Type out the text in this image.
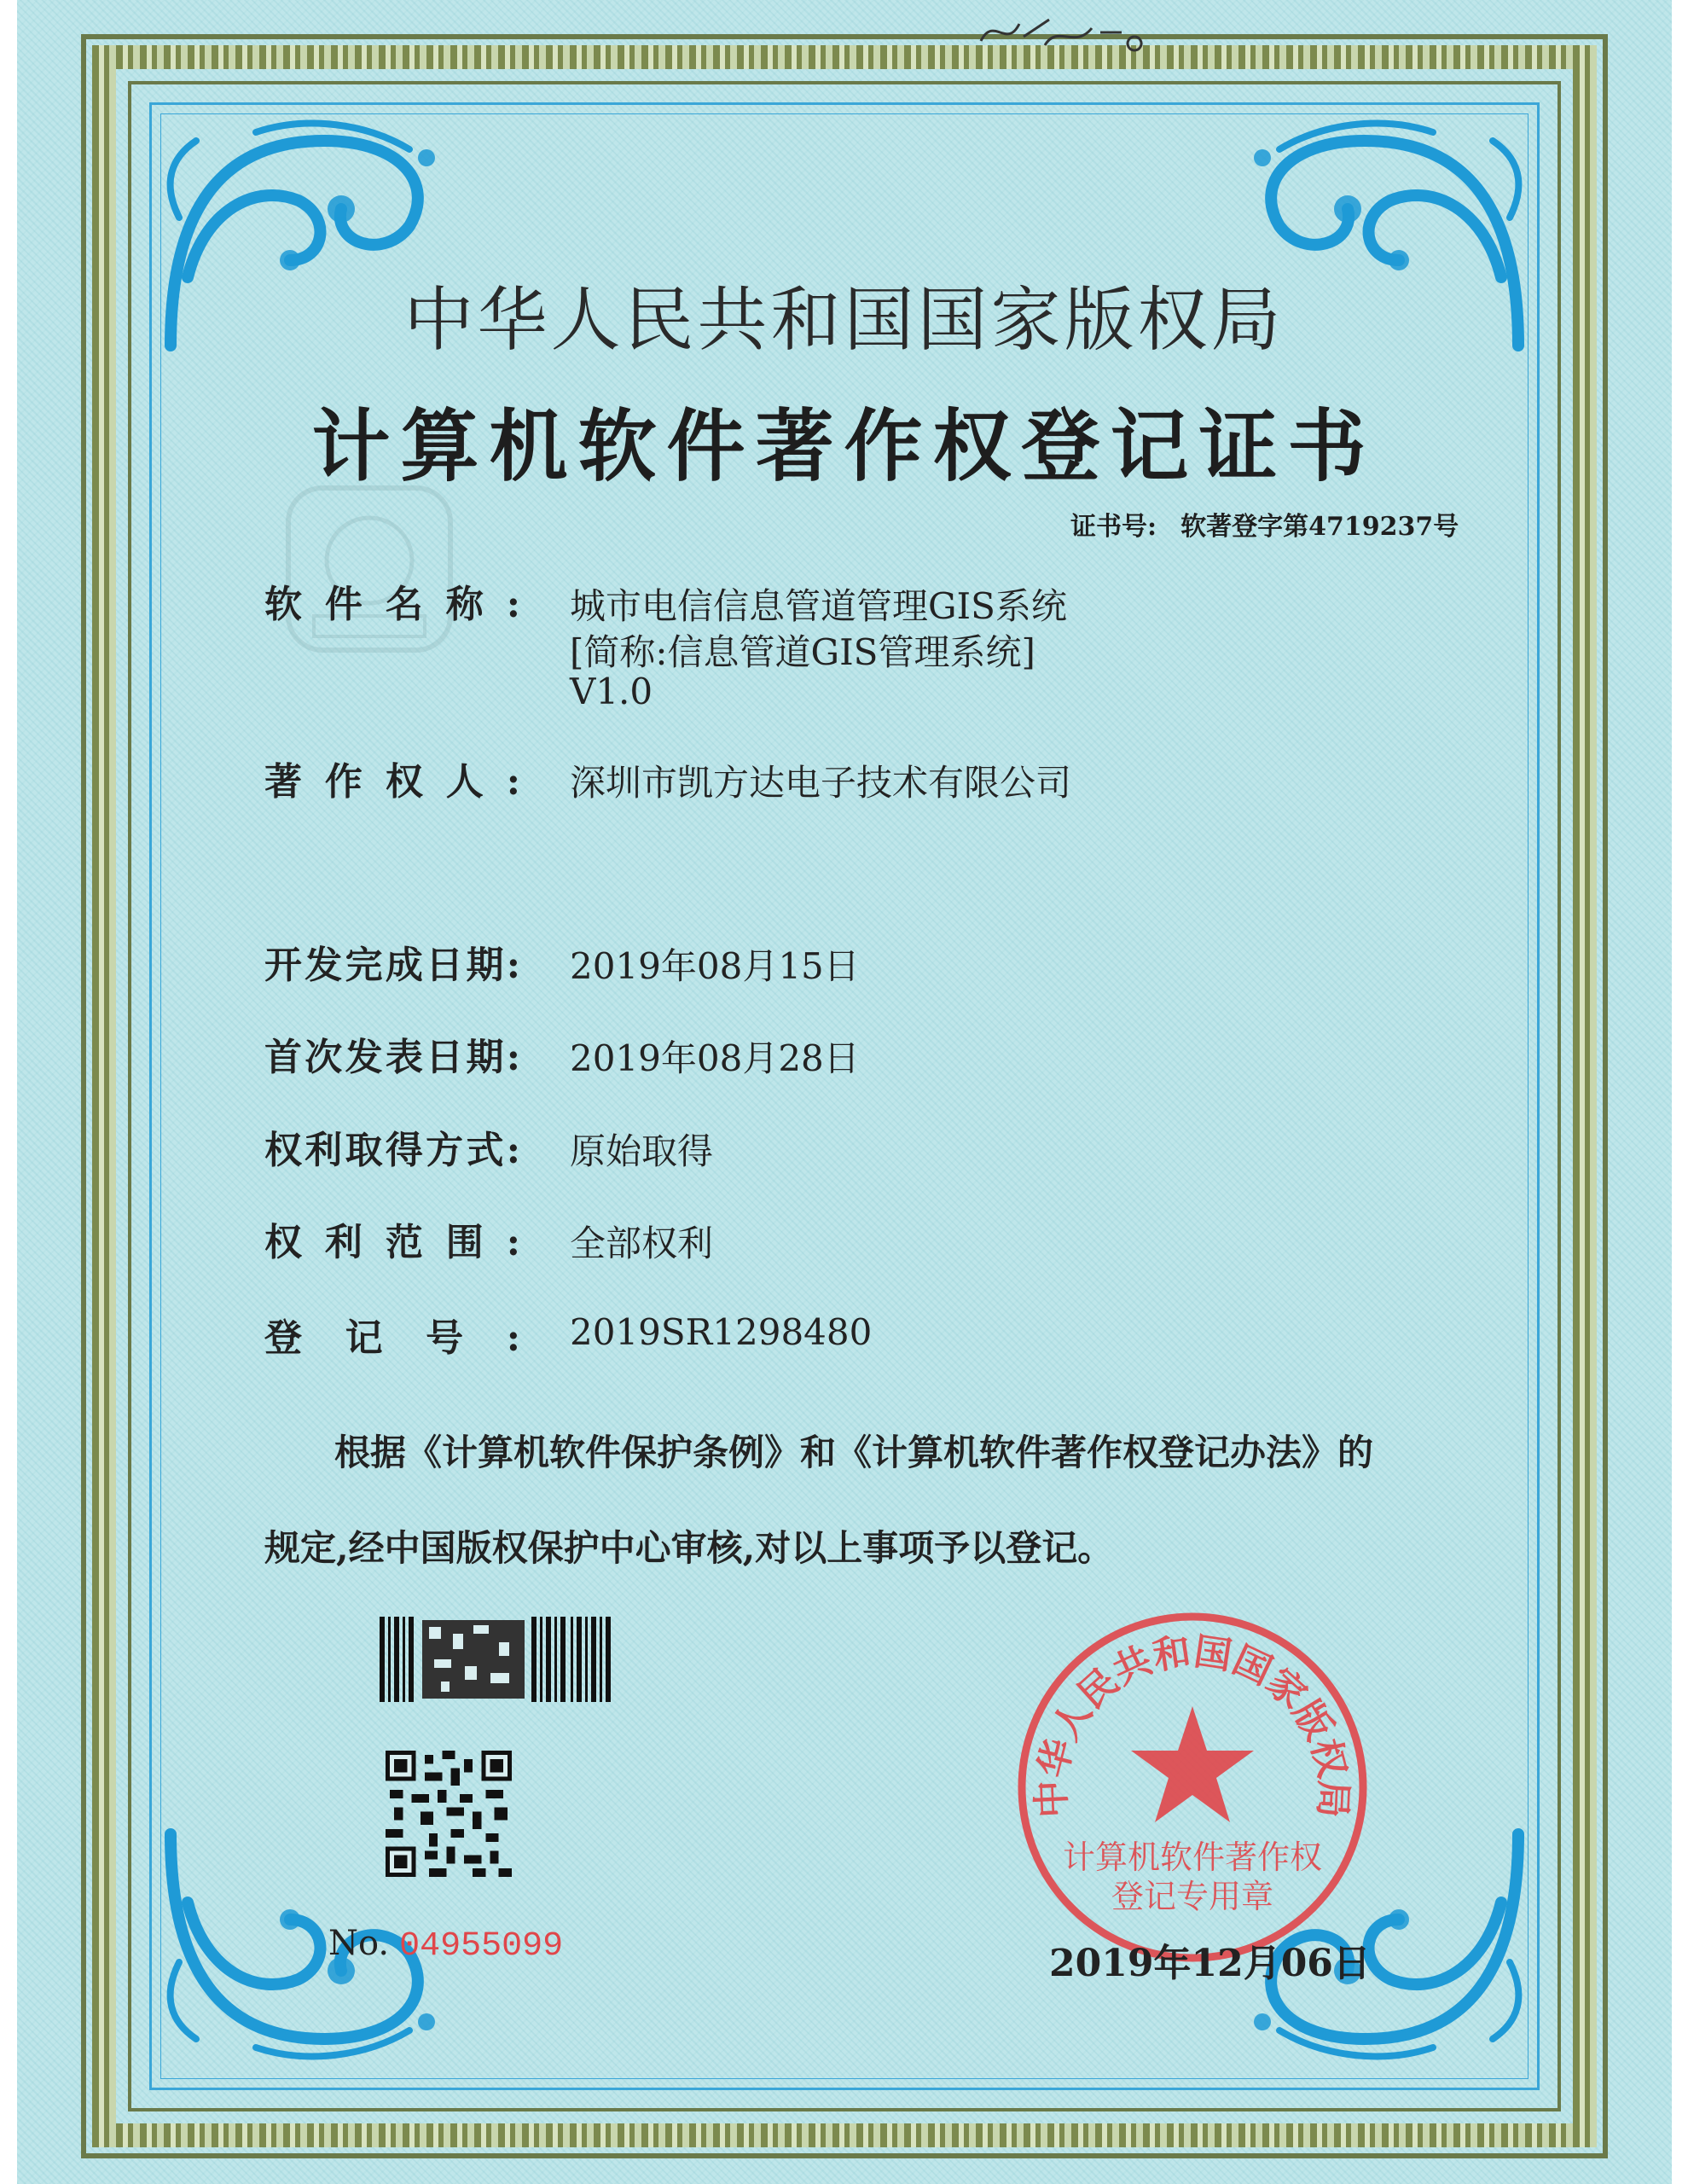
中华人民共和国国家版权局
计算机软件著作权登记证书
证书号: 软著登字第4719237号
软件名称: 城市电信信息管道管理GIS系统
[简称:信息管道GIS管理系统]
V1.0
著作权人: 深圳市凯方达电子技术有限公司
开发完成日期: 2019年08月15日
首次发表日期: 2019年08月28日
权利取得方式: 原始取得
权利范围: 全部权利
登记号: 2019SR1298480
根据《计算机软件保护条例》和《计算机软件著作权登记办法》的
规定,经中国版权保护中心审核,对以上事项予以登记。
No. 04955099
中华人民共和国国家版权局
计算机软件著作权
登记专用章
2019年12月06日
